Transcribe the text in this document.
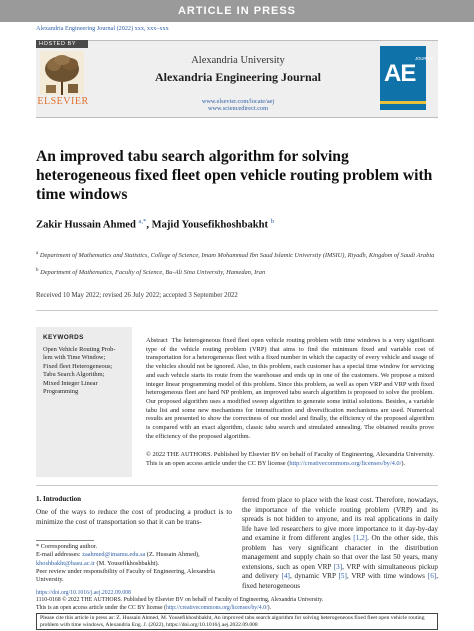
ARTICLE IN PRESS
Alexandria Engineering Journal (2022) xxx, xxx–xxx
HOSTED BY
ELSEVIER
Alexandria University
Alexandria Engineering Journal
www.elsevier.com/locate/aej
www.sciencedirect.com
AE
JOURNAL
An improved tabu search algorithm for solving heterogeneous fixed fleet open vehicle routing problem with time windows
Zakir Hussain Ahmed $^{a,*}$, Majid Yousefikhoshbakht $^b$
$^a$ Department of Mathematics and Statistics, College of Science, Imam Mohammad Ibn Saud Islamic University (IMSIU), Riyadh, Kingdom of Saudi Arabia
$^b$ Department of Mathematics, Faculty of Science, Bu-Ali Sina University, Hamedan, Iran
Received 10 May 2022; revised 26 July 2022; accepted 3 September 2022
KEYWORDS
Open Vehicle Routing Prob-
lem with Time Window;
Fixed fleet Heterogeneous;
Tabu Search Algorithm;
Mixed Integer Linear
Programming
Abstract The heterogeneous fixed fleet open vehicle routing problem with time windows is a very significant type of the vehicle routing problem (VRP) that aims to find the minimum fixed and variable cost of transportation for a heterogeneous fleet with a fixed number in which the capacity of every vehicle and usage of the vehicles should not be ignored. Also, in this problem, each customer has a special time window for servicing and each vehicle starts its route from the warehouse and ends up in one of the customers. We propose a mixed integer linear programming model of this problem. Since this problem, as well as open VRP and VRP with fixed heterogeneous fleet are hard NP problem, an improved tabu search algorithm is proposed to solve the problem. Our proposed algorithm uses a modified sweep algorithm to generate some initial solutions. Besides, a variable tabu list and some new mechanisms for intensification and diversification mechanisms are used. Numerical results are presented to show the correctness of our model and finally, the efficiency of the proposed algorithm is compared with an exact algorithm, classic tabu search and simulated annealing. The obtained results prove the efficiency of the proposed algorithm.
© 2022 THE AUTHORS. Published by Elsevier BV on behalf of Faculty of Engineering, Alexandria University. This is an open access article under the CC BY license (http://creativecommons.org/licenses/by/4.0/).
1. Introduction
One of the ways to reduce the cost of producing a product is to minimize the cost of transportation so that it can be trans-
ferred from place to place with the least cost. Therefore, nowadays, the importance of the vehicle routing problem (VRP) and its spreads is not hidden to anyone, and its real applications in daily life have led researchers to give more importance to it day-by-day and examine it from different angles [1,2]. On the other side, this problem has very significant character in the distribution management and supply chain so that over the last 50 years, many extensions, such as open VRP [3], VRP with simultaneous pickup and delivery [4], dynamic VRP [5], VRP with time windows [6], fixed heterogeneous
* Corresponding author.
E-mail addresses: zaahmed@imamu.edu.sa (Z. Hussain Ahmed), khoshbakht@basu.ac.ir (M. Yousefikhoshbakht).
Peer review under responsibility of Faculty of Engineering, Alexandria University.
https://doi.org/10.1016/j.aej.2022.09.008
1110-0168 © 2022 THE AUTHORS. Published by Elsevier BV on behalf of Faculty of Engineering, Alexandria University.
This is an open access article under the CC BY license (http://creativecommons.org/licenses/by/4.0/).
Please cite this article in press as: Z. Hussain Ahmed, M. Yousefikhoshbakht, An improved tabu search algorithm for solving heterogeneous fixed fleet open vehicle routing problem with time windows, Alexandria Eng. J. (2022), https://doi.org/10.1016/j.aej.2022.09.008
